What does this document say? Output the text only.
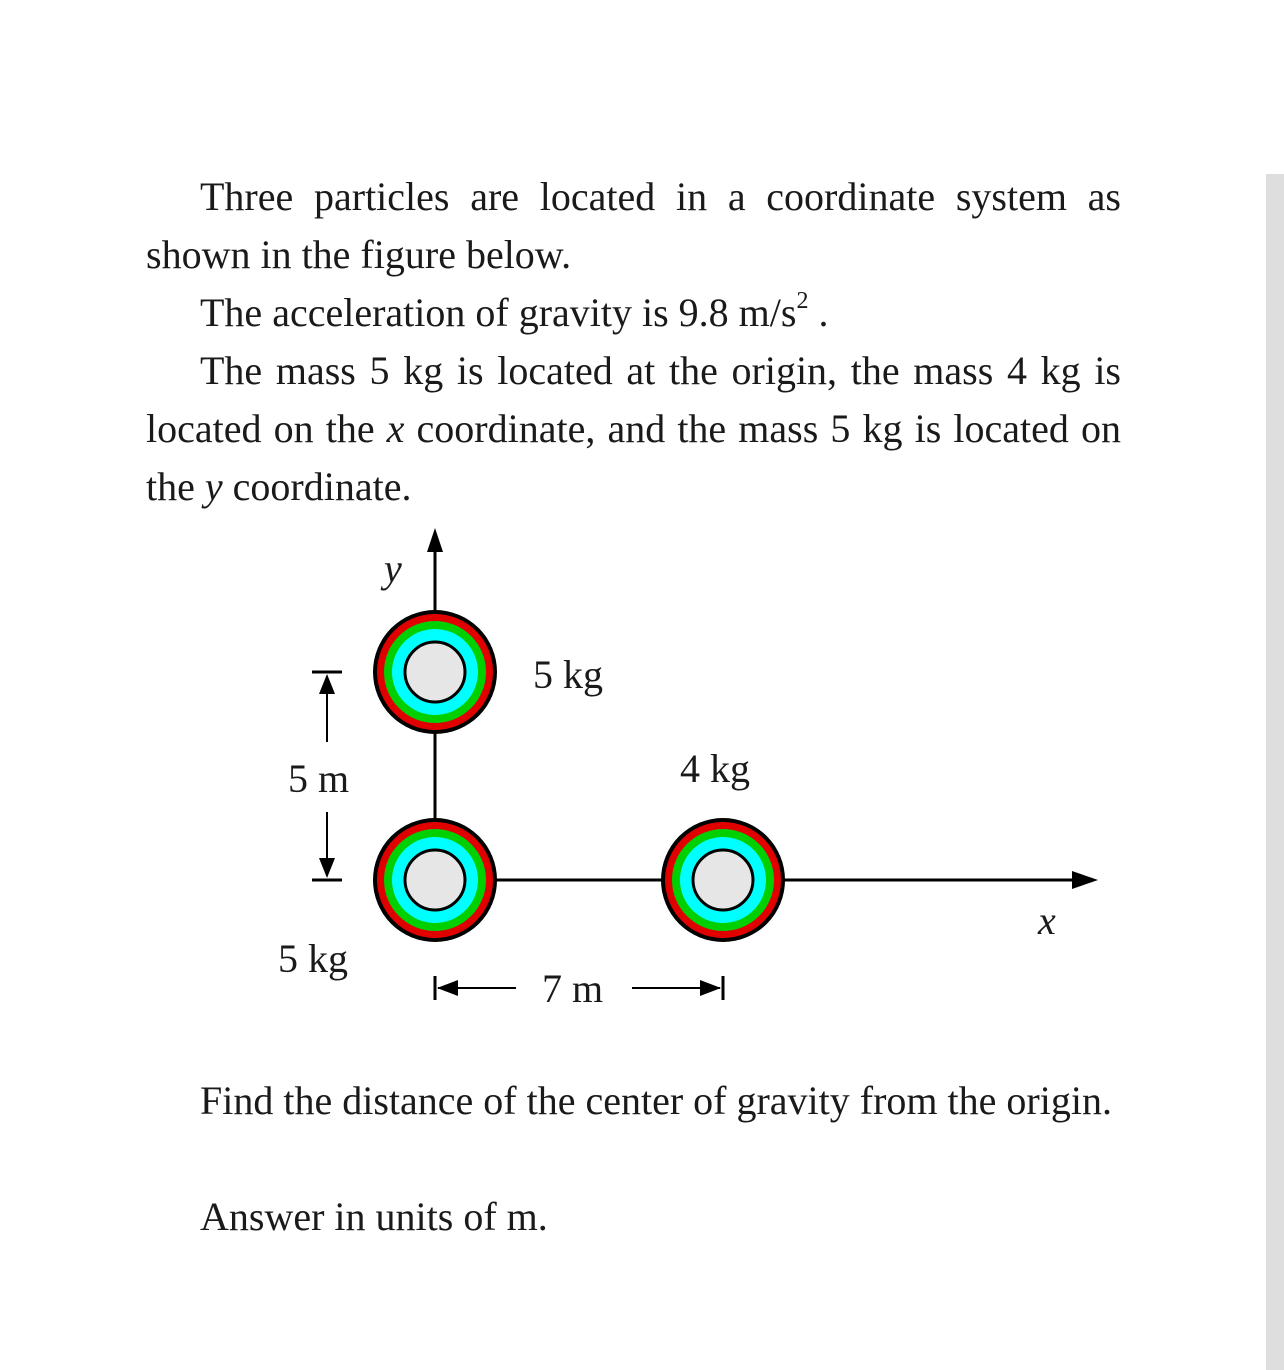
Three particles are located in a coordinate system as shown in the figure below.

The acceleration of gravity is 9.8 $m/s^2$ .

The mass 5 kg is located at the origin, the mass 4 kg is located on the x coordinate, and the mass 5 kg is located on the y coordinate.

y
x
5 kg
4 kg
5 kg
5 m
7 m

Find the distance of the center of gravity from the origin.

Answer in units of m.
